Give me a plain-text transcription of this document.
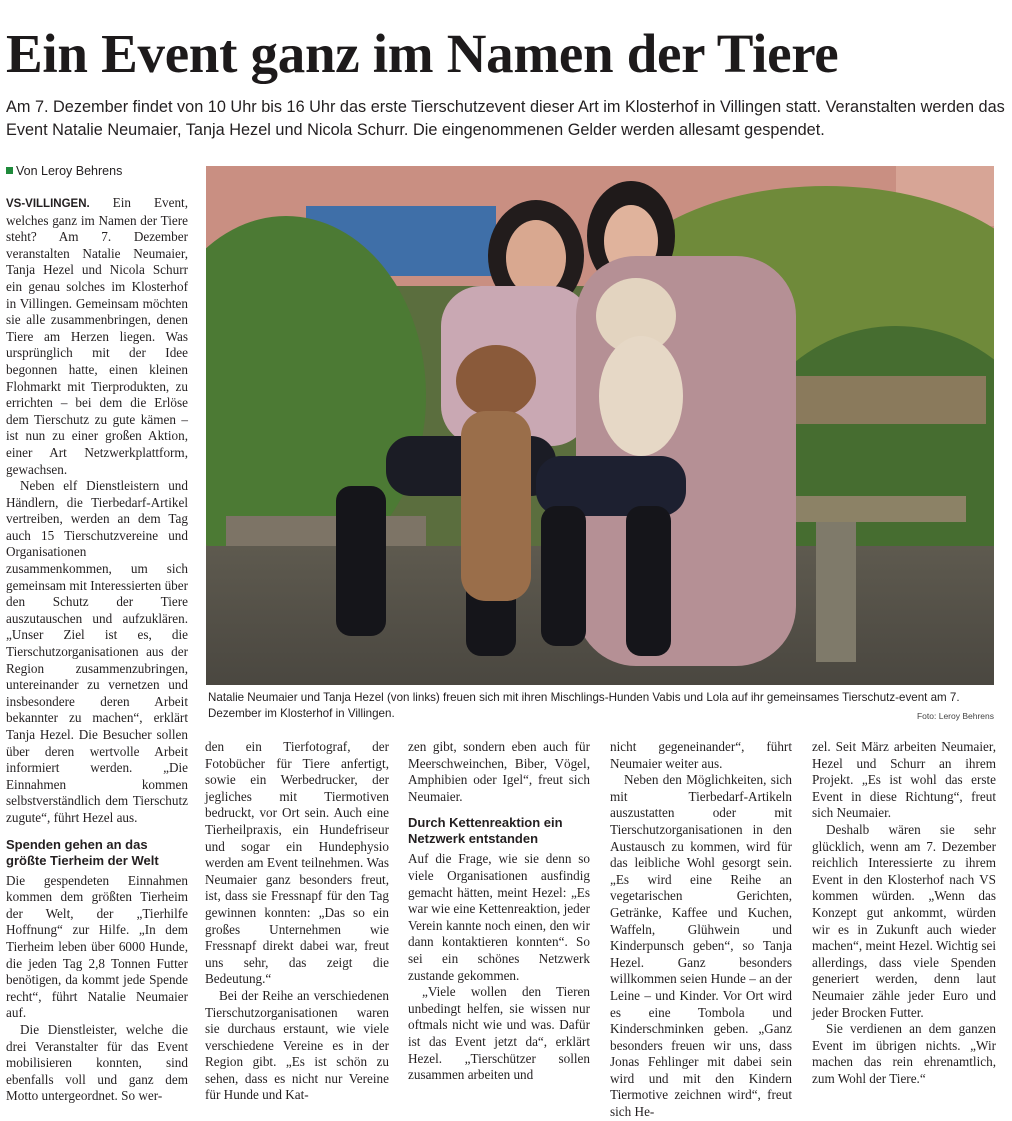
Ein Event ganz im Namen der Tiere

Am 7. Dezember findet von 10 Uhr bis 16 Uhr das erste Tierschutzevent dieser Art im Klosterhof in Villingen statt. Veranstalten werden das Event Natalie Neumaier, Tanja Hezel und Nicola Schurr. Die eingenommenen Gelder werden allesamt gespendet.

Von Leroy Behrens

VS-VILLINGEN. Ein Event, welches ganz im Namen der Tiere steht? Am 7. Dezember veranstalten Natalie Neumaier, Tanja Hezel und Nicola Schurr ein genau solches im Klosterhof in Villingen. Gemeinsam möchten sie alle zusammenbringen, denen Tiere am Herzen liegen. Was ursprünglich mit der Idee begonnen hatte, einen kleinen Flohmarkt mit Tierprodukten, zu errichten – bei dem die Erlöse dem Tierschutz zu gute kämen – ist nun zu einer großen Aktion, einer Art Netzwerkplattform, gewachsen.

Neben elf Dienstleistern und Händlern, die Tierbedarf-Artikel vertreiben, werden an dem Tag auch 15 Tierschutzvereine und Organisationen zusammenkommen, um sich gemeinsam mit Interessierten über den Schutz der Tiere auszutauschen und aufzuklären. „Unser Ziel ist es, die Tierschutzorganisationen aus der Region zusammenzubringen, untereinander zu vernetzen und insbesondere deren Arbeit bekannter zu machen“, erklärt Tanja Hezel. Die Besucher sollen über deren wertvolle Arbeit informiert werden. „Die Einnahmen kommen selbstverständlich dem Tierschutz zugute“, führt Hezel aus.

Spenden gehen an das größte Tierheim der Welt

Die gespendeten Einnahmen kommen dem größten Tierheim der Welt, der „Tierhilfe Hoffnung“ zur Hilfe. „In dem Tierheim leben über 6000 Hunde, die jeden Tag 2,8 Tonnen Futter benötigen, da kommt jede Spende recht“, führt Natalie Neumaier auf.

Die Dienstleister, welche die drei Veranstalter für das Event mobilisieren konnten, sind ebenfalls voll und ganz dem Motto untergeordnet. So wer-

Natalie Neumaier und Tanja Hezel (von links) freuen sich mit ihren Mischlings-Hunden Vabis und Lola auf ihr gemeinsames Tierschutz-event am 7. Dezember im Klosterhof in Villingen.	Foto: Leroy Behrens

den ein Tierfotograf, der Fotobücher für Tiere anfertigt, sowie ein Werbedrucker, der jegliches mit Tiermotiven bedruckt, vor Ort sein. Auch eine Tierheilpraxis, ein Hundefriseur und sogar ein Hundephysio werden am Event teilnehmen. Was Neumaier ganz besonders freut, ist, dass sie Fressnapf für den Tag gewinnen konnten: „Das so ein großes Unternehmen wie Fressnapf direkt dabei war, freut uns sehr, das zeigt die Bedeutung.“

Bei der Reihe an verschiedenen Tierschutzorganisationen waren sie durchaus erstaunt, wie viele verschiedene Vereine es in der Region gibt. „Es ist schön zu sehen, dass es nicht nur Vereine für Hunde und Kat-

zen gibt, sondern eben auch für Meerschweinchen, Biber, Vögel, Amphibien oder Igel“, freut sich Neumaier.

Durch Kettenreaktion ein Netzwerk entstanden

Auf die Frage, wie sie denn so viele Organisationen ausfindig gemacht hätten, meint Hezel: „Es war wie eine Kettenreaktion, jeder Verein kannte noch einen, den wir dann kontaktieren konnten“. So sei ein schönes Netzwerk zustande gekommen.

„Viele wollen den Tieren unbedingt helfen, sie wissen nur oftmals nicht wie und was. Dafür ist das Event jetzt da“, erklärt Hezel. „Tierschützer sollen zusammen arbeiten und

nicht gegeneinander“, führt Neumaier weiter aus.

Neben den Möglichkeiten, sich mit Tierbedarf-Artikeln auszustatten oder mit Tierschutzorganisationen in den Austausch zu kommen, wird für das leibliche Wohl gesorgt sein. „Es wird eine Reihe an vegetarischen Gerichten, Getränke, Kaffee und Kuchen, Waffeln, Glühwein und Kinderpunsch geben“, so Tanja Hezel. Ganz besonders willkommen seien Hunde – an der Leine – und Kinder. Vor Ort wird es eine Tombola und Kinderschminken geben. „Ganz besonders freuen wir uns, dass Jonas Fehlinger mit dabei sein wird und mit den Kindern Tiermotive zeichnen wird“, freut sich He-

zel. Seit März arbeiten Neumaier, Hezel und Schurr an ihrem Projekt. „Es ist wohl das erste Event in diese Richtung“, freut sich Neumaier.

Deshalb wären sie sehr glücklich, wenn am 7. Dezember reichlich Interessierte zu ihrem Event in den Klosterhof nach VS kommen würden. „Wenn das Konzept gut ankommt, würden wir es in Zukunft auch wieder machen“, meint Hezel. Wichtig sei allerdings, dass viele Spenden generiert werden, denn laut Neumaier zähle jeder Euro und jeder Brocken Futter.

Sie verdienen an dem ganzen Event im übrigen nichts. „Wir machen das rein ehrenamtlich, zum Wohl der Tiere.“
